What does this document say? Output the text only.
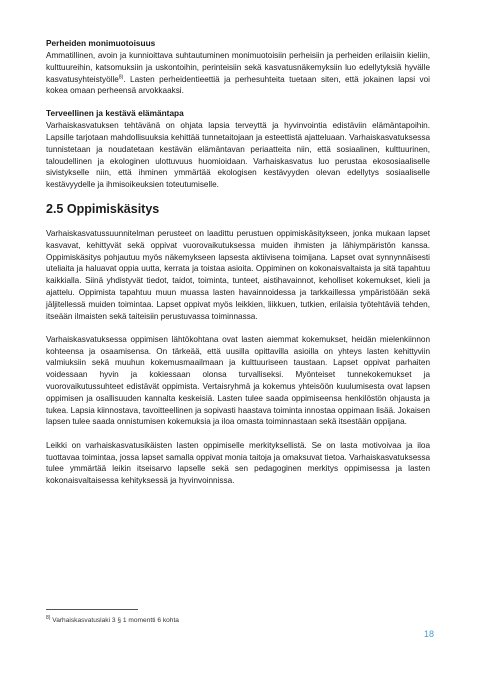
Perheiden monimuotoisuus

Ammatillinen, avoin ja kunnioittava suhtautuminen monimuotoisiin perheisiin ja perheiden erilaisiin kieliin, kulttuureihin, katsomuksiin ja uskontoihin, perinteisiin sekä kasvatusnäkemyksiin luo edellytyksiä hyvälle kasvatusyhteistyölle$^{8)}$. Lasten perheidentieettiä ja perhesuhteita tuetaan siten, että jokainen lapsi voi kokea omaan perheensä arvokkaaksi.

Terveellinen ja kestävä elämäntapa

Varhaiskasvatuksen tehtävänä on ohjata lapsia terveyttä ja hyvinvointia edistäviin elämäntapoihin. Lapsille tarjotaan mahdollisuuksia kehittää tunnetaitojaan ja esteettistä ajatteluaan. Varhaiskasvatuksessa tunnistetaan ja noudatetaan kestävän elämäntavan periaatteita niin, että sosiaalinen, kulttuurinen, taloudellinen ja ekologinen ulottuvuus huomioidaan. Varhaiskasvatus luo perustaa ekososiaaliselle sivistykselle niin, että ihminen ymmärtää ekologisen kestävyyden olevan edellytys sosiaaliselle kestävyydelle ja ihmisoikeuksien toteutumiselle.

2.5 Oppimiskäsitys

Varhaiskasvatussuunnitelman perusteet on laadittu perustuen oppimiskäsitykseen, jonka mukaan lapset kasvavat, kehittyvät sekä oppivat vuorovaikutuksessa muiden ihmisten ja lähiympäristön kanssa. Oppimiskäsitys pohjautuu myös näkemykseen lapsesta aktiivisena toimijana. Lapset ovat synnynnäisesti uteliaita ja haluavat oppia uutta, kerrata ja toistaa asioita. Oppiminen on kokonaisvaltaista ja sitä tapahtuu kaikkialla. Siinä yhdistyvät tiedot, taidot, toiminta, tunteet, aistihavainnot, keholliset kokemukset, kieli ja ajattelu. Oppimista tapahtuu muun muassa lasten havainnoidessa ja tarkkaillessa ympäristöään sekä jäljitellessä muiden toimintaa. Lapset oppivat myös leikkien, liikkuen, tutkien, erilaisia työtehtäviä tehden, itseään ilmaisten sekä taiteisiin perustuvassa toiminnassa.

Varhaiskasvatuksessa oppimisen lähtökohtana ovat lasten aiemmat kokemukset, heidän mielenkiinnon kohteensa ja osaamisensa. On tärkeää, että uusilla opittavilla asioilla on yhteys lasten kehittyviin valmiuksiin sekä muuhun kokemusmaailmaan ja kulttuuriseen taustaan. Lapset oppivat parhaiten voidessaan hyvin ja kokiessaan olonsa turvalliseksi. Myönteiset tunnekokemukset ja vuorovaikutussuhteet edistävät oppimista. Vertaisryhmä ja kokemus yhteisöön kuulumisesta ovat lapsen oppimisen ja osallisuuden kannalta keskeisiä. Lasten tulee saada oppimiseensa henkilöstön ohjausta ja tukea. Lapsia kiinnostava, tavoitteellinen ja sopivasti haastava toiminta innostaa oppimaan lisää. Jokaisen lapsen tulee saada onnistumisen kokemuksia ja iloa omasta toiminnastaan sekä itsestään oppijana.

Leikki on varhaiskasvatusikäisten lasten oppimiselle merkityksellistä. Se on lasta motivoivaa ja iloa tuottavaa toimintaa, jossa lapset samalla oppivat monia taitoja ja omaksuvat tietoa. Varhaiskasvatuksessa tulee ymmärtää leikin itseisarvo lapselle sekä sen pedagoginen merkitys oppimisessa ja lasten kokonaisvaltaisessa kehityksessä ja hyvinvoinnissa.

$^{8)}$ Varhaiskasvatuslaki 3 § 1 momentti 6 kohta
18
